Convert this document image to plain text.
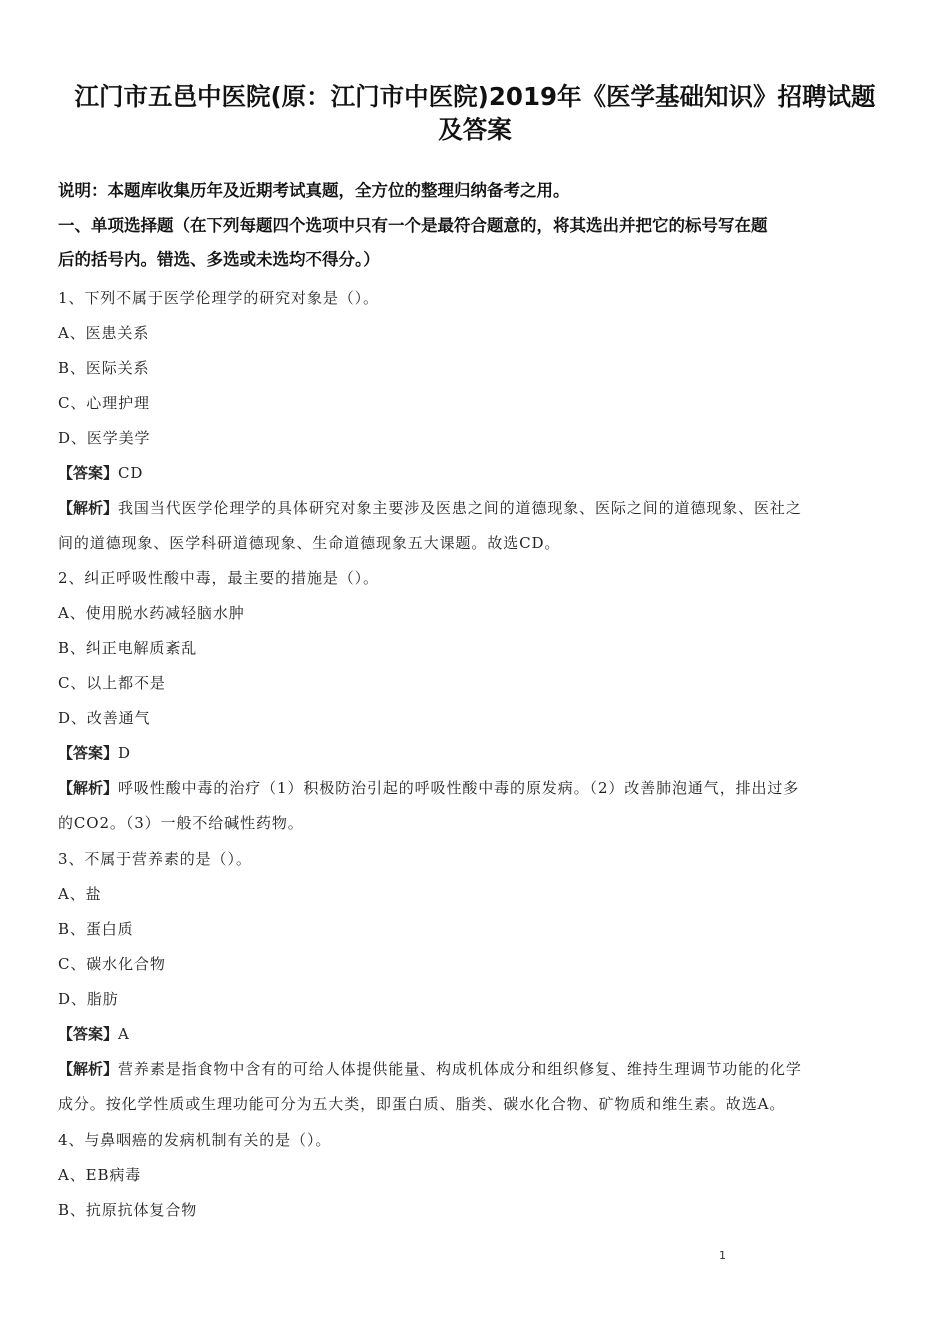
江门市五邑中医院(原：江门市中医院)2019年《医学基础知识》招聘试题
及答案
说明：本题库收集历年及近期考试真题，全方位的整理归纳备考之用。
一、单项选择题（在下列每题四个选项中只有一个是最符合题意的，将其选出并把它的标号写在题
后的括号内。错选、多选或未选均不得分。）
1、下列不属于医学伦理学的研究对象是（）。
A、医患关系
B、医际关系
C、心理护理
D、医学美学
【答案】CD
【解析】我国当代医学伦理学的具体研究对象主要涉及医患之间的道德现象、医际之间的道德现象、医社之
间的道德现象、医学科研道德现象、生命道德现象五大课题。故选CD。
2、纠正呼吸性酸中毒，最主要的措施是（）。
A、使用脱水药减轻脑水肿
B、纠正电解质紊乱
C、以上都不是
D、改善通气
【答案】D
【解析】呼吸性酸中毒的治疗（1）积极防治引起的呼吸性酸中毒的原发病。（2）改善肺泡通气，排出过多
的CO2。（3）一般不给碱性药物。
3、不属于营养素的是（）。
A、盐
B、蛋白质
C、碳水化合物
D、脂肪
【答案】A
【解析】营养素是指食物中含有的可给人体提供能量、构成机体成分和组织修复、维持生理调节功能的化学
成分。按化学性质或生理功能可分为五大类，即蛋白质、脂类、碳水化合物、矿物质和维生素。故选A。
4、与鼻咽癌的发病机制有关的是（）。
A、EB病毒
B、抗原抗体复合物
1
